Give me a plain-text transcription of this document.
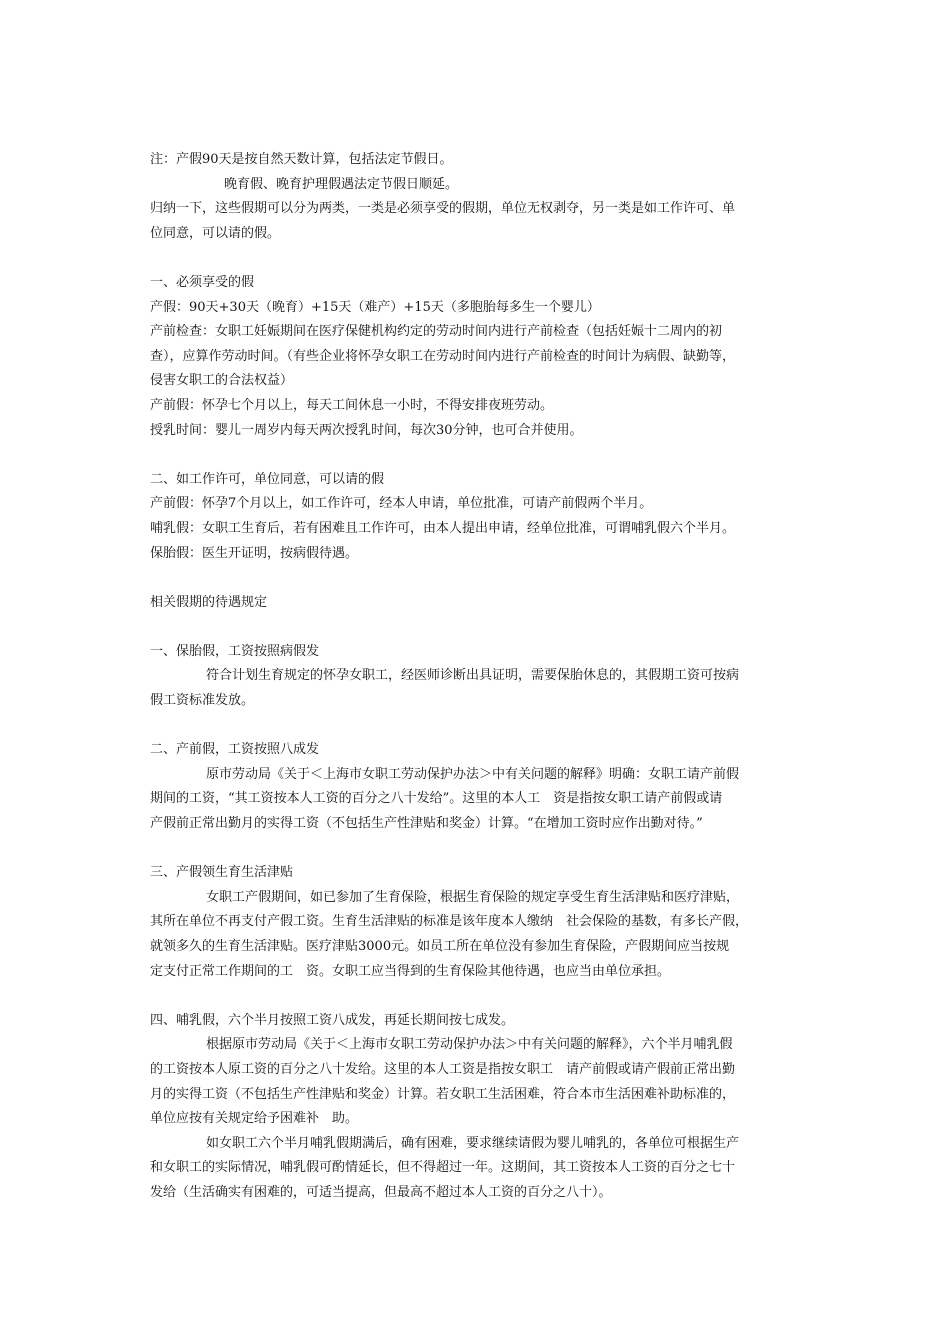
注：产假90天是按自然天数计算，包括法定节假日。
晚育假、晚育护理假遇法定节假日顺延。
归纳一下，这些假期可以分为两类，一类是必须享受的假期，单位无权剥夺，另一类是如工作许可、单
位同意，可以请的假。
一、必须享受的假
产假：90天+30天（晚育）+15天（难产）+15天（多胞胎每多生一个婴儿）
产前检查：女职工妊娠期间在医疗保健机构约定的劳动时间内进行产前检查（包括妊娠十二周内的初
查），应算作劳动时间。（有些企业将怀孕女职工在劳动时间内进行产前检查的时间计为病假、缺勤等，
侵害女职工的合法权益）
产前假：怀孕七个月以上，每天工间休息一小时，不得安排夜班劳动。
授乳时间：婴儿一周岁内每天两次授乳时间，每次30分钟，也可合并使用。
二、如工作许可，单位同意，可以请的假
产前假：怀孕7个月以上，如工作许可，经本人申请，单位批准，可请产前假两个半月。
哺乳假：女职工生育后，若有困难且工作许可，由本人提出申请，经单位批准，可谓哺乳假六个半月。
保胎假：医生开证明，按病假待遇。
相关假期的待遇规定
一、保胎假，工资按照病假发
符合计划生育规定的怀孕女职工，经医师诊断出具证明，需要保胎休息的，其假期工资可按病
假工资标准发放。
二、产前假，工资按照八成发
原市劳动局《关于＜上海市女职工劳动保护办法＞中有关问题的解释》明确：女职工请产前假
期间的工资，“其工资按本人工资的百分之八十发给”。这里的本人工　资是指按女职工请产前假或请
产假前正常出勤月的实得工资（不包括生产性津贴和奖金）计算。“在增加工资时应作出勤对待。”
三、产假领生育生活津贴
女职工产假期间，如已参加了生育保险，根据生育保险的规定享受生育生活津贴和医疗津贴，
其所在单位不再支付产假工资。生育生活津贴的标准是该年度本人缴纳　社会保险的基数，有多长产假，
就领多久的生育生活津贴。医疗津贴3000元。如员工所在单位没有参加生育保险，产假期间应当按规
定支付正常工作期间的工　资。女职工应当得到的生育保险其他待遇，也应当由单位承担。
四、哺乳假，六个半月按照工资八成发，再延长期间按七成发。
根据原市劳动局《关于＜上海市女职工劳动保护办法＞中有关问题的解释》，六个半月哺乳假
的工资按本人原工资的百分之八十发给。这里的本人工资是指按女职工　请产前假或请产假前正常出勤
月的实得工资（不包括生产性津贴和奖金）计算。若女职工生活困难，符合本市生活困难补助标准的，
单位应按有关规定给予困难补　助。
如女职工六个半月哺乳假期满后，确有困难，要求继续请假为婴儿哺乳的，各单位可根据生产
和女职工的实际情况，哺乳假可酌情延长，但不得超过一年。这期间，其工资按本人工资的百分之七十
发给（生活确实有困难的，可适当提高，但最高不超过本人工资的百分之八十）。
